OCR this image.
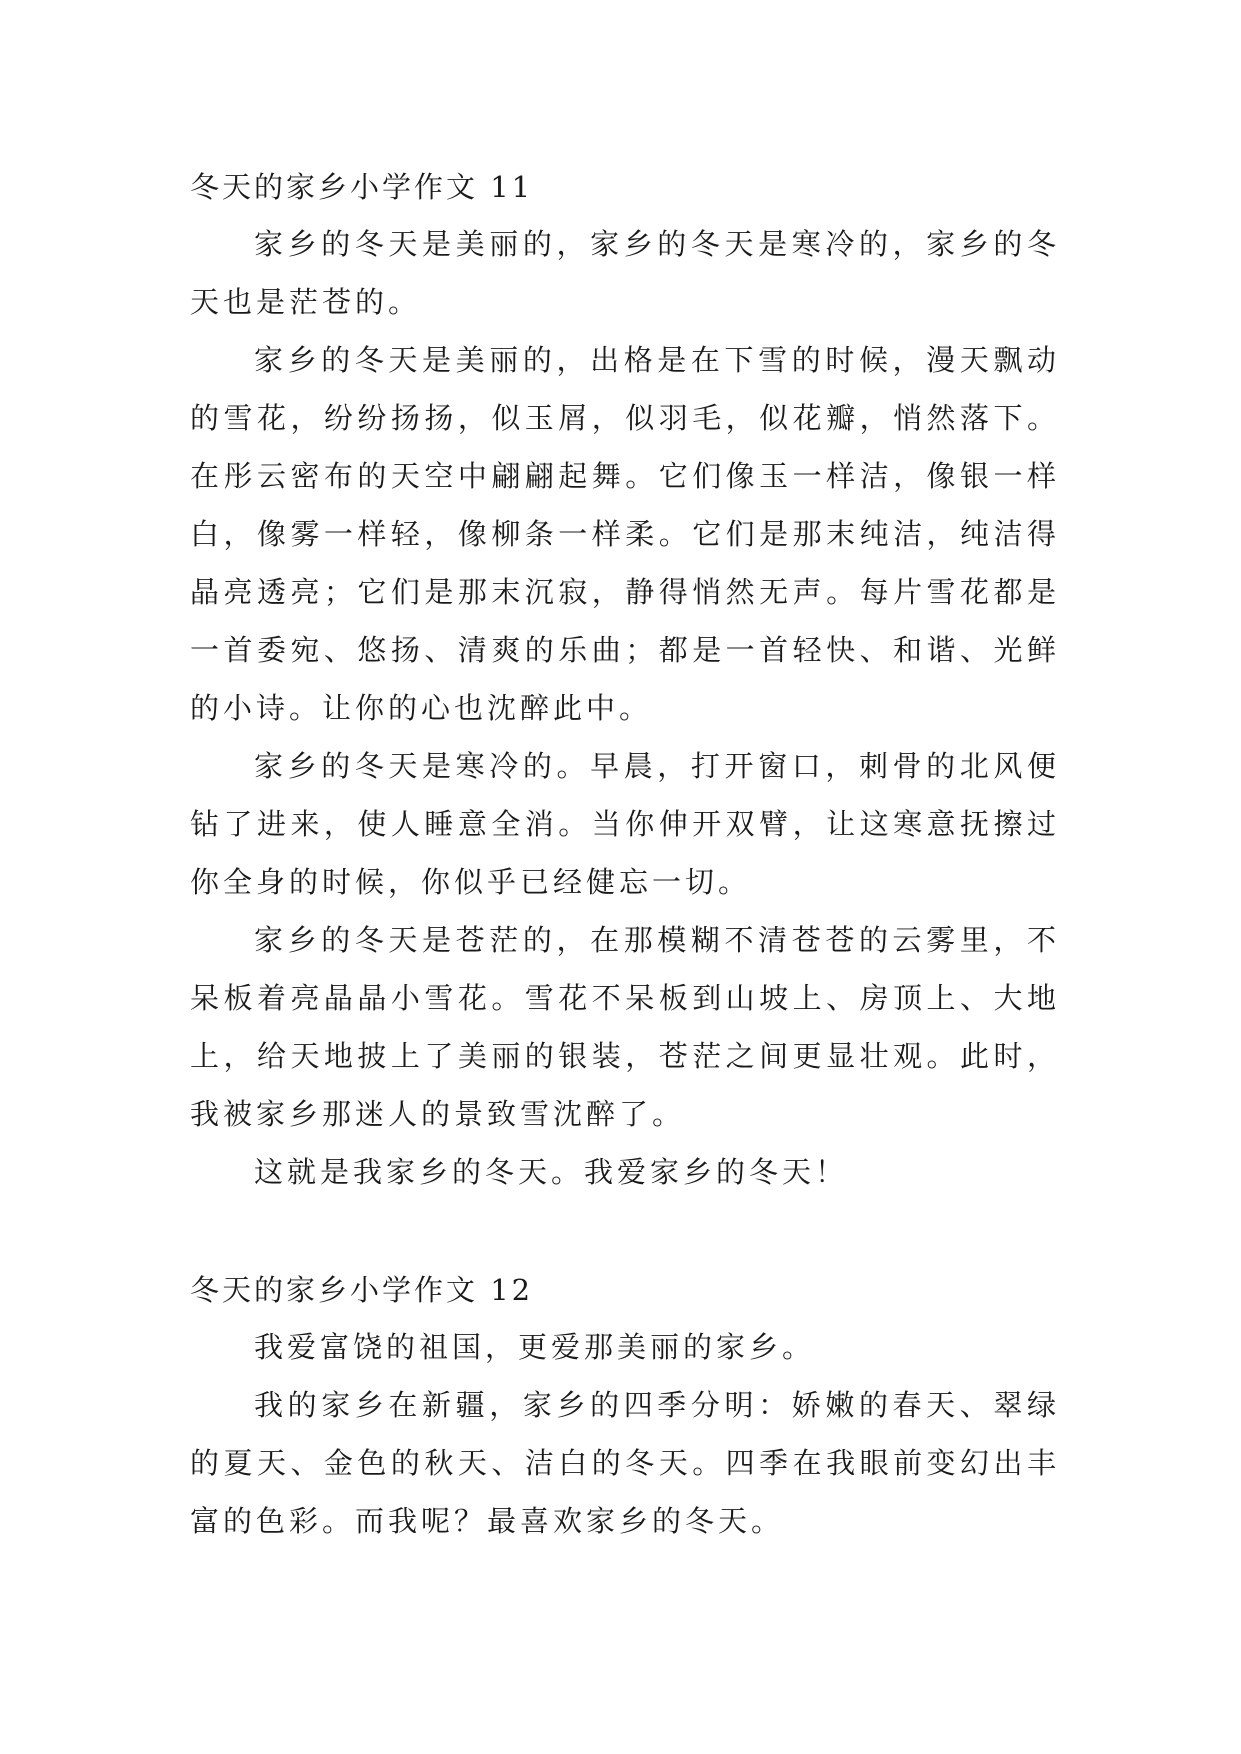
冬天的家乡小学作文 11

家乡的冬天是美丽的，家乡的冬天是寒冷的，家乡的冬天也是茫苍的。

家乡的冬天是美丽的，出格是在下雪的时候，漫天飘动的雪花，纷纷扬扬，似玉屑，似羽毛，似花瓣，悄然落下。在彤云密布的天空中翩翩起舞。它们像玉一样洁，像银一样白，像雾一样轻，像柳条一样柔。它们是那末纯洁，纯洁得晶亮透亮；它们是那末沉寂，静得悄然无声。每片雪花都是一首委宛、悠扬、清爽的乐曲；都是一首轻快、和谐、光鲜的小诗。让你的心也沈醉此中。

家乡的冬天是寒冷的。早晨，打开窗口，刺骨的北风便钻了进来，使人睡意全消。当你伸开双臂，让这寒意抚擦过你全身的时候，你似乎已经健忘一切。

家乡的冬天是苍茫的，在那模糊不清苍苍的云雾里，不呆板着亮晶晶小雪花。雪花不呆板到山坡上、房顶上、大地上，给天地披上了美丽的银装，苍茫之间更显壮观。此时，我被家乡那迷人的景致雪沈醉了。

这就是我家乡的冬天。我爱家乡的冬天！

冬天的家乡小学作文 12

我爱富饶的祖国，更爱那美丽的家乡。

我的家乡在新疆，家乡的四季分明：娇嫩的春天、翠绿的夏天、金色的秋天、洁白的冬天。四季在我眼前变幻出丰富的色彩。而我呢？最喜欢家乡的冬天。
